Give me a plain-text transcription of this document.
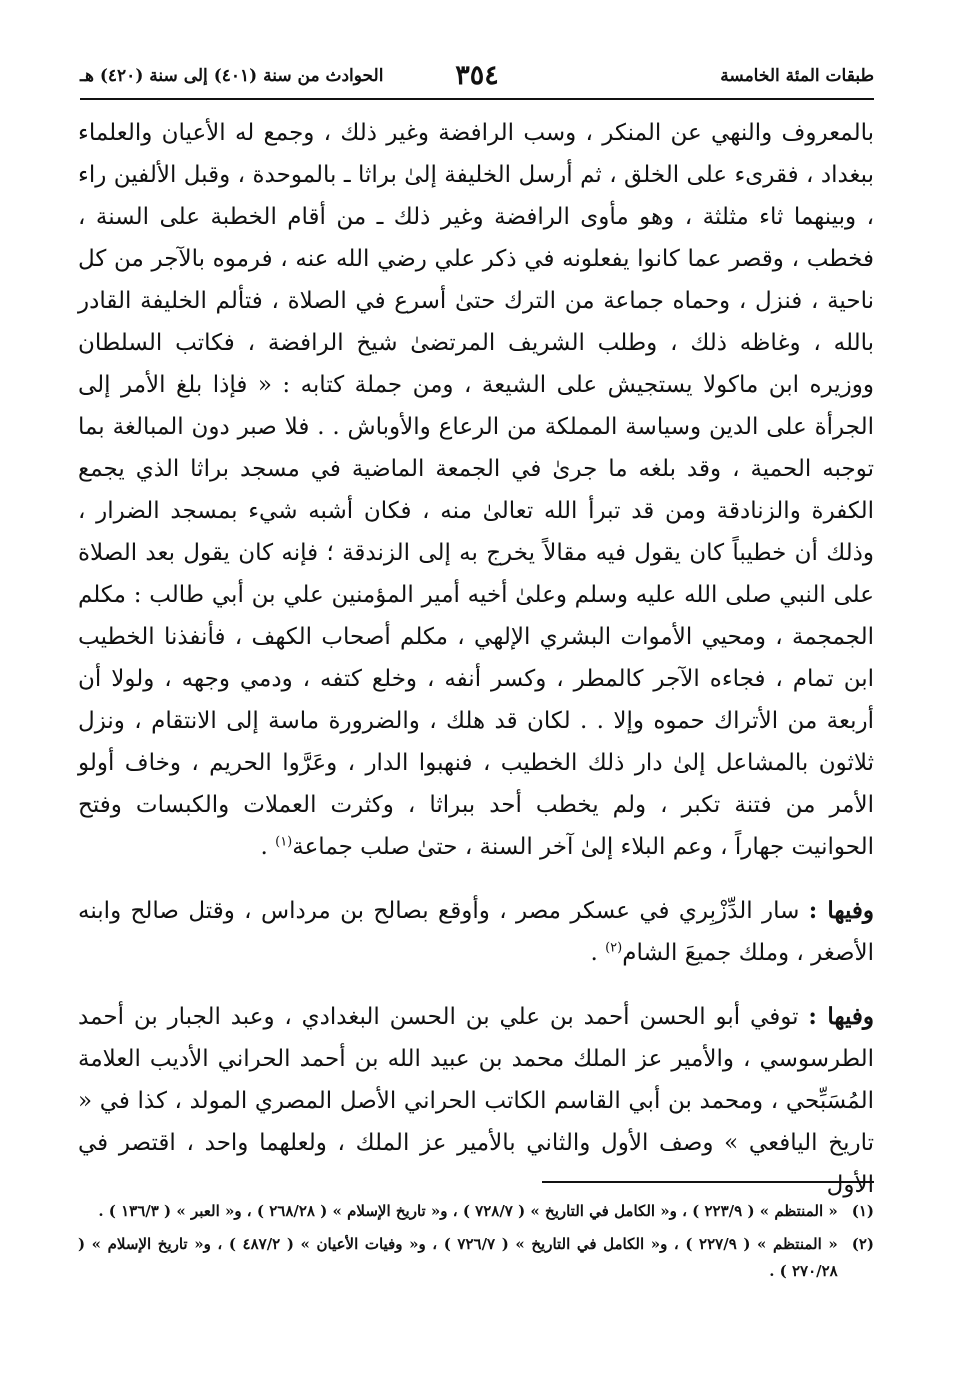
طبقات المئة الخامسة
٣٥٤
الحوادث من سنة (٤٠١) إلى سنة (٤٢٠) هـ

بالمعروف والنهي عن المنكر ، وسب الرافضة وغير ذلك ، وجمع له الأعيان والعلماء ببغداد ، فقرىء على الخلق ، ثم أرسل الخليفة إلىٰ براثا ـ بالموحدة ، وقبل الألفين راء ، وبينهما ثاء مثلثة ، وهو مأوى الرافضة وغير ذلك ـ من أقام الخطبة على السنة ، فخطب ، وقصر عما كانوا يفعلونه في ذكر علي رضي الله عنه ، فرموه بالآجر من كل ناحية ، فنزل ، وحماه جماعة من الترك حتىٰ أسرع في الصلاة ، فتألم الخليفة القادر بالله ، وغاظه ذلك ، وطلب الشريف المرتضىٰ شيخ الرافضة ، فكاتب السلطان ووزيره ابن ماكولا يستجيش على الشيعة ، ومن جملة كتابه : « فإذا بلغ الأمر إلى الجرأة على الدين وسياسة المملكة من الرعاع والأوباش . . فلا صبر دون المبالغة بما توجبه الحمية ، وقد بلغه ما جرىٰ في الجمعة الماضية في مسجد براثا الذي يجمع الكفرة والزنادقة ومن قد تبرأ الله تعالىٰ منه ، فكان أشبه شيء بمسجد الضرار ، وذلك أن خطيباً كان يقول فيه مقالاً يخرج به إلى الزندقة ؛ فإنه كان يقول بعد الصلاة على النبي صلى الله عليه وسلم وعلىٰ أخيه أمير المؤمنين علي بن أبي طالب : مكلم الجمجمة ، ومحيي الأموات البشري الإلهي ، مكلم أصحاب الكهف ، فأنفذنا الخطيب ابن تمام ، فجاءه الآجر كالمطر ، وكسر أنفه ، وخلع كتفه ، ودمي وجهه ، ولولا أن أربعة من الأتراك حموه وإلا . . لكان قد هلك ، والضرورة ماسة إلى الانتقام ، ونزل ثلاثون بالمشاعل إلىٰ دار ذلك الخطيب ، فنهبوا الدار ، وعَرَّوا الحريم ، وخاف أولو الأمر من فتنة تكبر ، ولم يخطب أحد ببراثا ، وكثرت العملات والكبسات وفتح الحوانيت جهاراً ، وعم البلاء إلىٰ آخر السنة ، حتىٰ صلب جماعة$^{(١)}$ .

وفيها : سار الدِّزْبِري في عسكر مصر ، وأوقع بصالح بن مرداس ، وقتل صالح وابنه الأصغر ، وملك جميعَ الشام$^{(٢)}$ .

وفيها : توفي أبو الحسن أحمد بن علي بن الحسن البغدادي ، وعبد الجبار بن أحمد الطرسوسي ، والأمير عز الملك محمد بن عبيد الله بن أحمد الحراني الأديب العلامة المُسَبِّحي ، ومحمد بن أبي القاسم الكاتب الحراني الأصل المصري المولد ، كذا في « تاريخ اليافعي » وصف الأول والثاني بالأمير عز الملك ، ولعلهما واحد ، اقتصر في الأول

(١)
« المنتظم » ( ٢٢٣/٩ ) ، و« الكامل في التاريخ » ( ٧٢٨/٧ ) ، و« تاريخ الإسلام » ( ٢٦٨/٢٨ ) ، و« العبر » ( ١٣٦/٣ ) .
(٢)
« المنتظم » ( ٢٢٧/٩ ) ، و« الكامل في التاريخ » ( ٧٢٦/٧ ) ، و« وفيات الأعيان » ( ٤٨٧/٢ ) ، و« تاريخ الإسلام » ( ٢٧٠/٢٨ ) .
